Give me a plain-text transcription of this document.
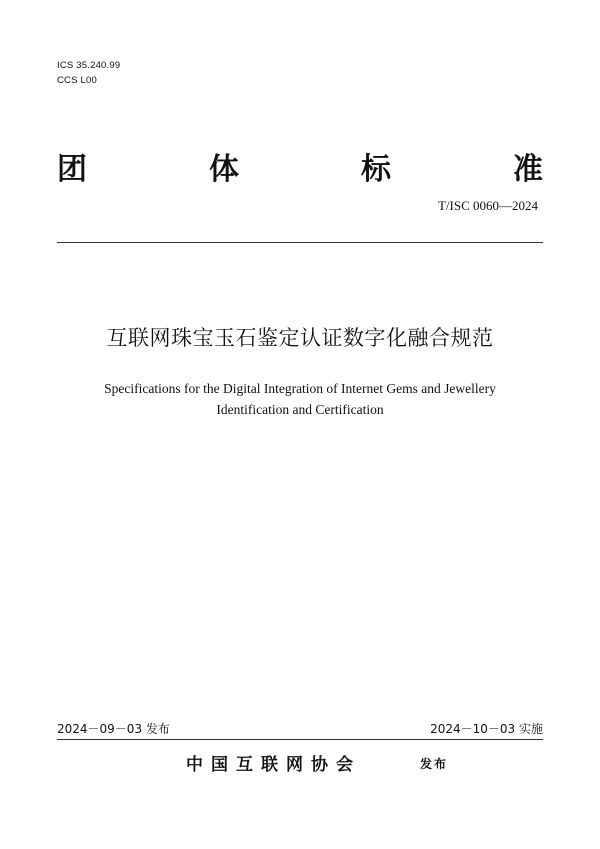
ICS 35.240.99
CCS L00
团	体	标	准
T/ISC 0060—2024
互联网珠宝玉石鉴定认证数字化融合规范
Specifications for the Digital Integration of Internet Gems and Jewellery
Identification and Certification
2024－09－03 发布	2024－10－03 实施
中国互联网协会	发布
